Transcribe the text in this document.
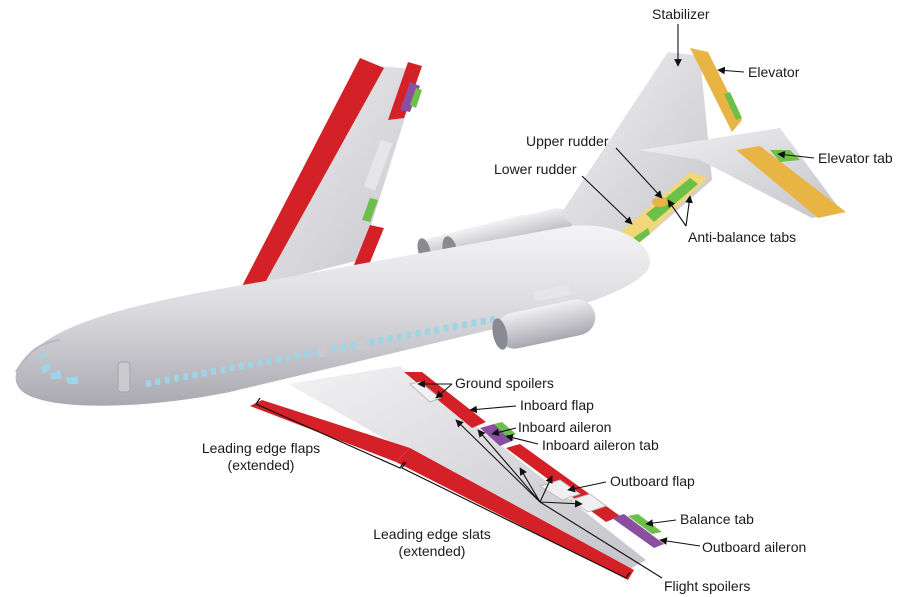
Stabilizer
Elevator
Elevator tab
Upper rudder
Lower rudder
Anti-balance tabs
Ground spoilers
Inboard flap
Inboard aileron
Inboard aileron tab
Outboard flap
Balance tab
Outboard aileron
Flight spoilers
Leading edge flaps
(extended)
Leading edge slats
(extended)
